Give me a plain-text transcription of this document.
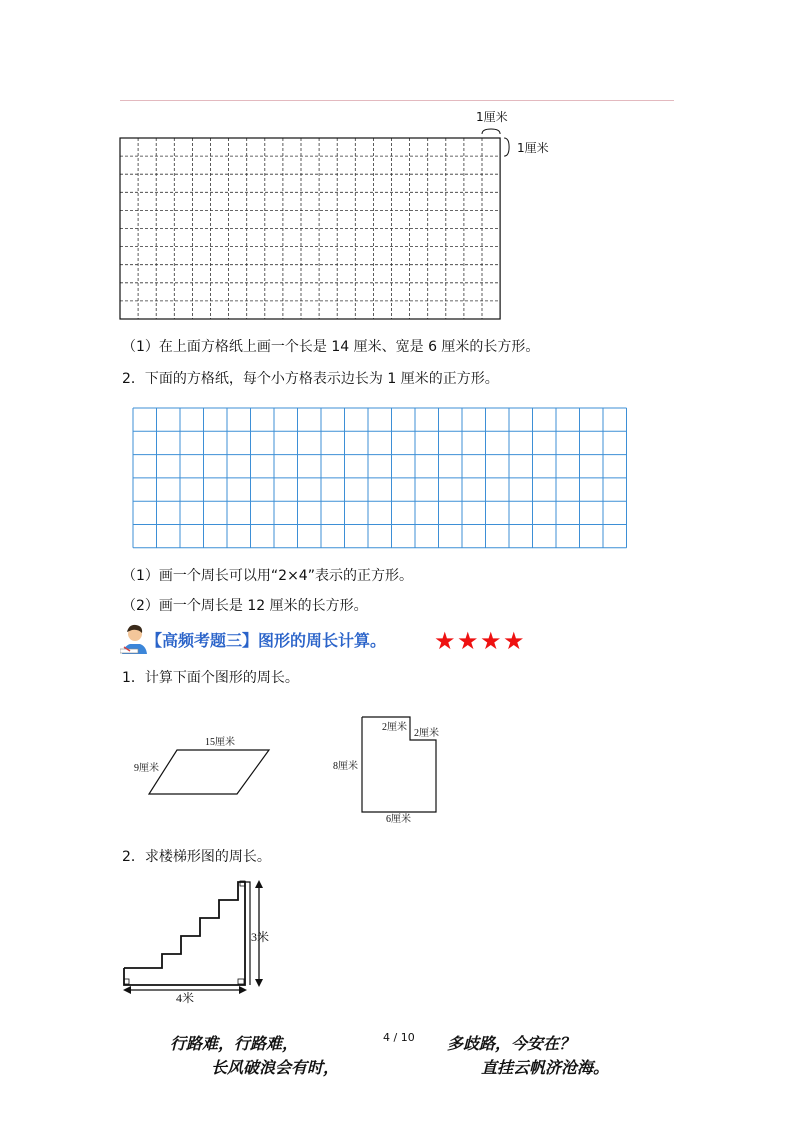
1厘米
1厘米
（1）在上面方格纸上画一个长是 14 厘米、宽是 6 厘米的长方形。
2．下面的方格纸，每个小方格表示边长为 1 厘米的正方形。
（1）画一个周长可以用“2×4”表示的正方形。
（2）画一个周长是 12 厘米的长方形。
【高频考题三】图形的周长计算。 ★ ★ ★ ★
1．计算下面个图形的周长。
15厘米
9厘米
2厘米
2厘米
8厘米
6厘米
2．求楼梯形图的周长。
3米
4米
行路难，行路难，	4 / 10 多歧路，今安在？
长风破浪会有时，	直挂云帆济沧海。
